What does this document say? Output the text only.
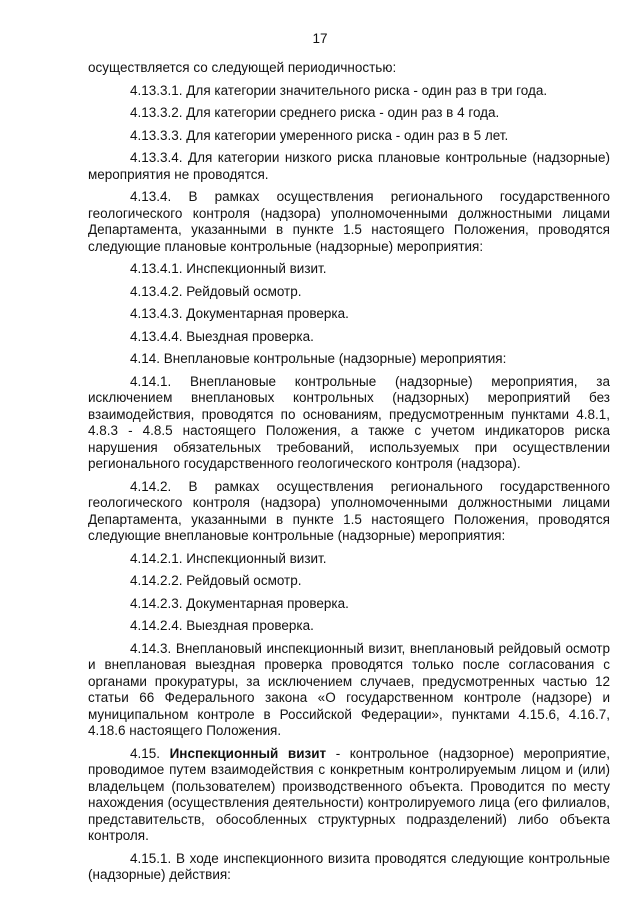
17

осуществляется со следующей периодичностью:

4.13.3.1. Для категории значительного риска - один раз в три года.

4.13.3.2. Для категории среднего риска - один раз в 4 года.

4.13.3.3. Для категории умеренного риска - один раз в 5 лет.

4.13.3.4. Для категории низкого риска плановые контрольные (надзорные) мероприятия не проводятся.

4.13.4. В рамках осуществления регионального государственного геологического контроля (надзора) уполномоченными должностными лицами Департамента, указанными в пункте 1.5 настоящего Положения, проводятся следующие плановые контрольные (надзорные) мероприятия:

4.13.4.1. Инспекционный визит.

4.13.4.2. Рейдовый осмотр.

4.13.4.3. Документарная проверка.

4.13.4.4. Выездная проверка.

4.14. Внеплановые контрольные (надзорные) мероприятия:

4.14.1. Внеплановые контрольные (надзорные) мероприятия, за исключением внеплановых контрольных (надзорных) мероприятий без взаимодействия, проводятся по основаниям, предусмотренным пунктами 4.8.1, 4.8.3 - 4.8.5 настоящего Положения, а также с учетом индикаторов риска нарушения обязательных требований, используемых при осуществлении регионального государственного геологического контроля (надзора).

4.14.2. В рамках осуществления регионального государственного геологического контроля (надзора) уполномоченными должностными лицами Департамента, указанными в пункте 1.5 настоящего Положения, проводятся следующие внеплановые контрольные (надзорные) мероприятия:

4.14.2.1. Инспекционный визит.

4.14.2.2. Рейдовый осмотр.

4.14.2.3. Документарная проверка.

4.14.2.4. Выездная проверка.

4.14.3. Внеплановый инспекционный визит, внеплановый рейдовый осмотр и внеплановая выездная проверка проводятся только после согласования с органами прокуратуры, за исключением случаев, предусмотренных частью 12 статьи 66 Федерального закона «О государственном контроле (надзоре) и муниципальном контроле в Российской Федерации», пунктами 4.15.6, 4.16.7, 4.18.6 настоящего Положения.

4.15. Инспекционный визит - контрольное (надзорное) мероприятие, проводимое путем взаимодействия с конкретным контролируемым лицом и (или) владельцем (пользователем) производственного объекта. Проводится по месту нахождения (осуществления деятельности) контролируемого лица (его филиалов, представительств, обособленных структурных подразделений) либо объекта контроля.

4.15.1. В ходе инспекционного визита проводятся следующие контрольные (надзорные) действия:
